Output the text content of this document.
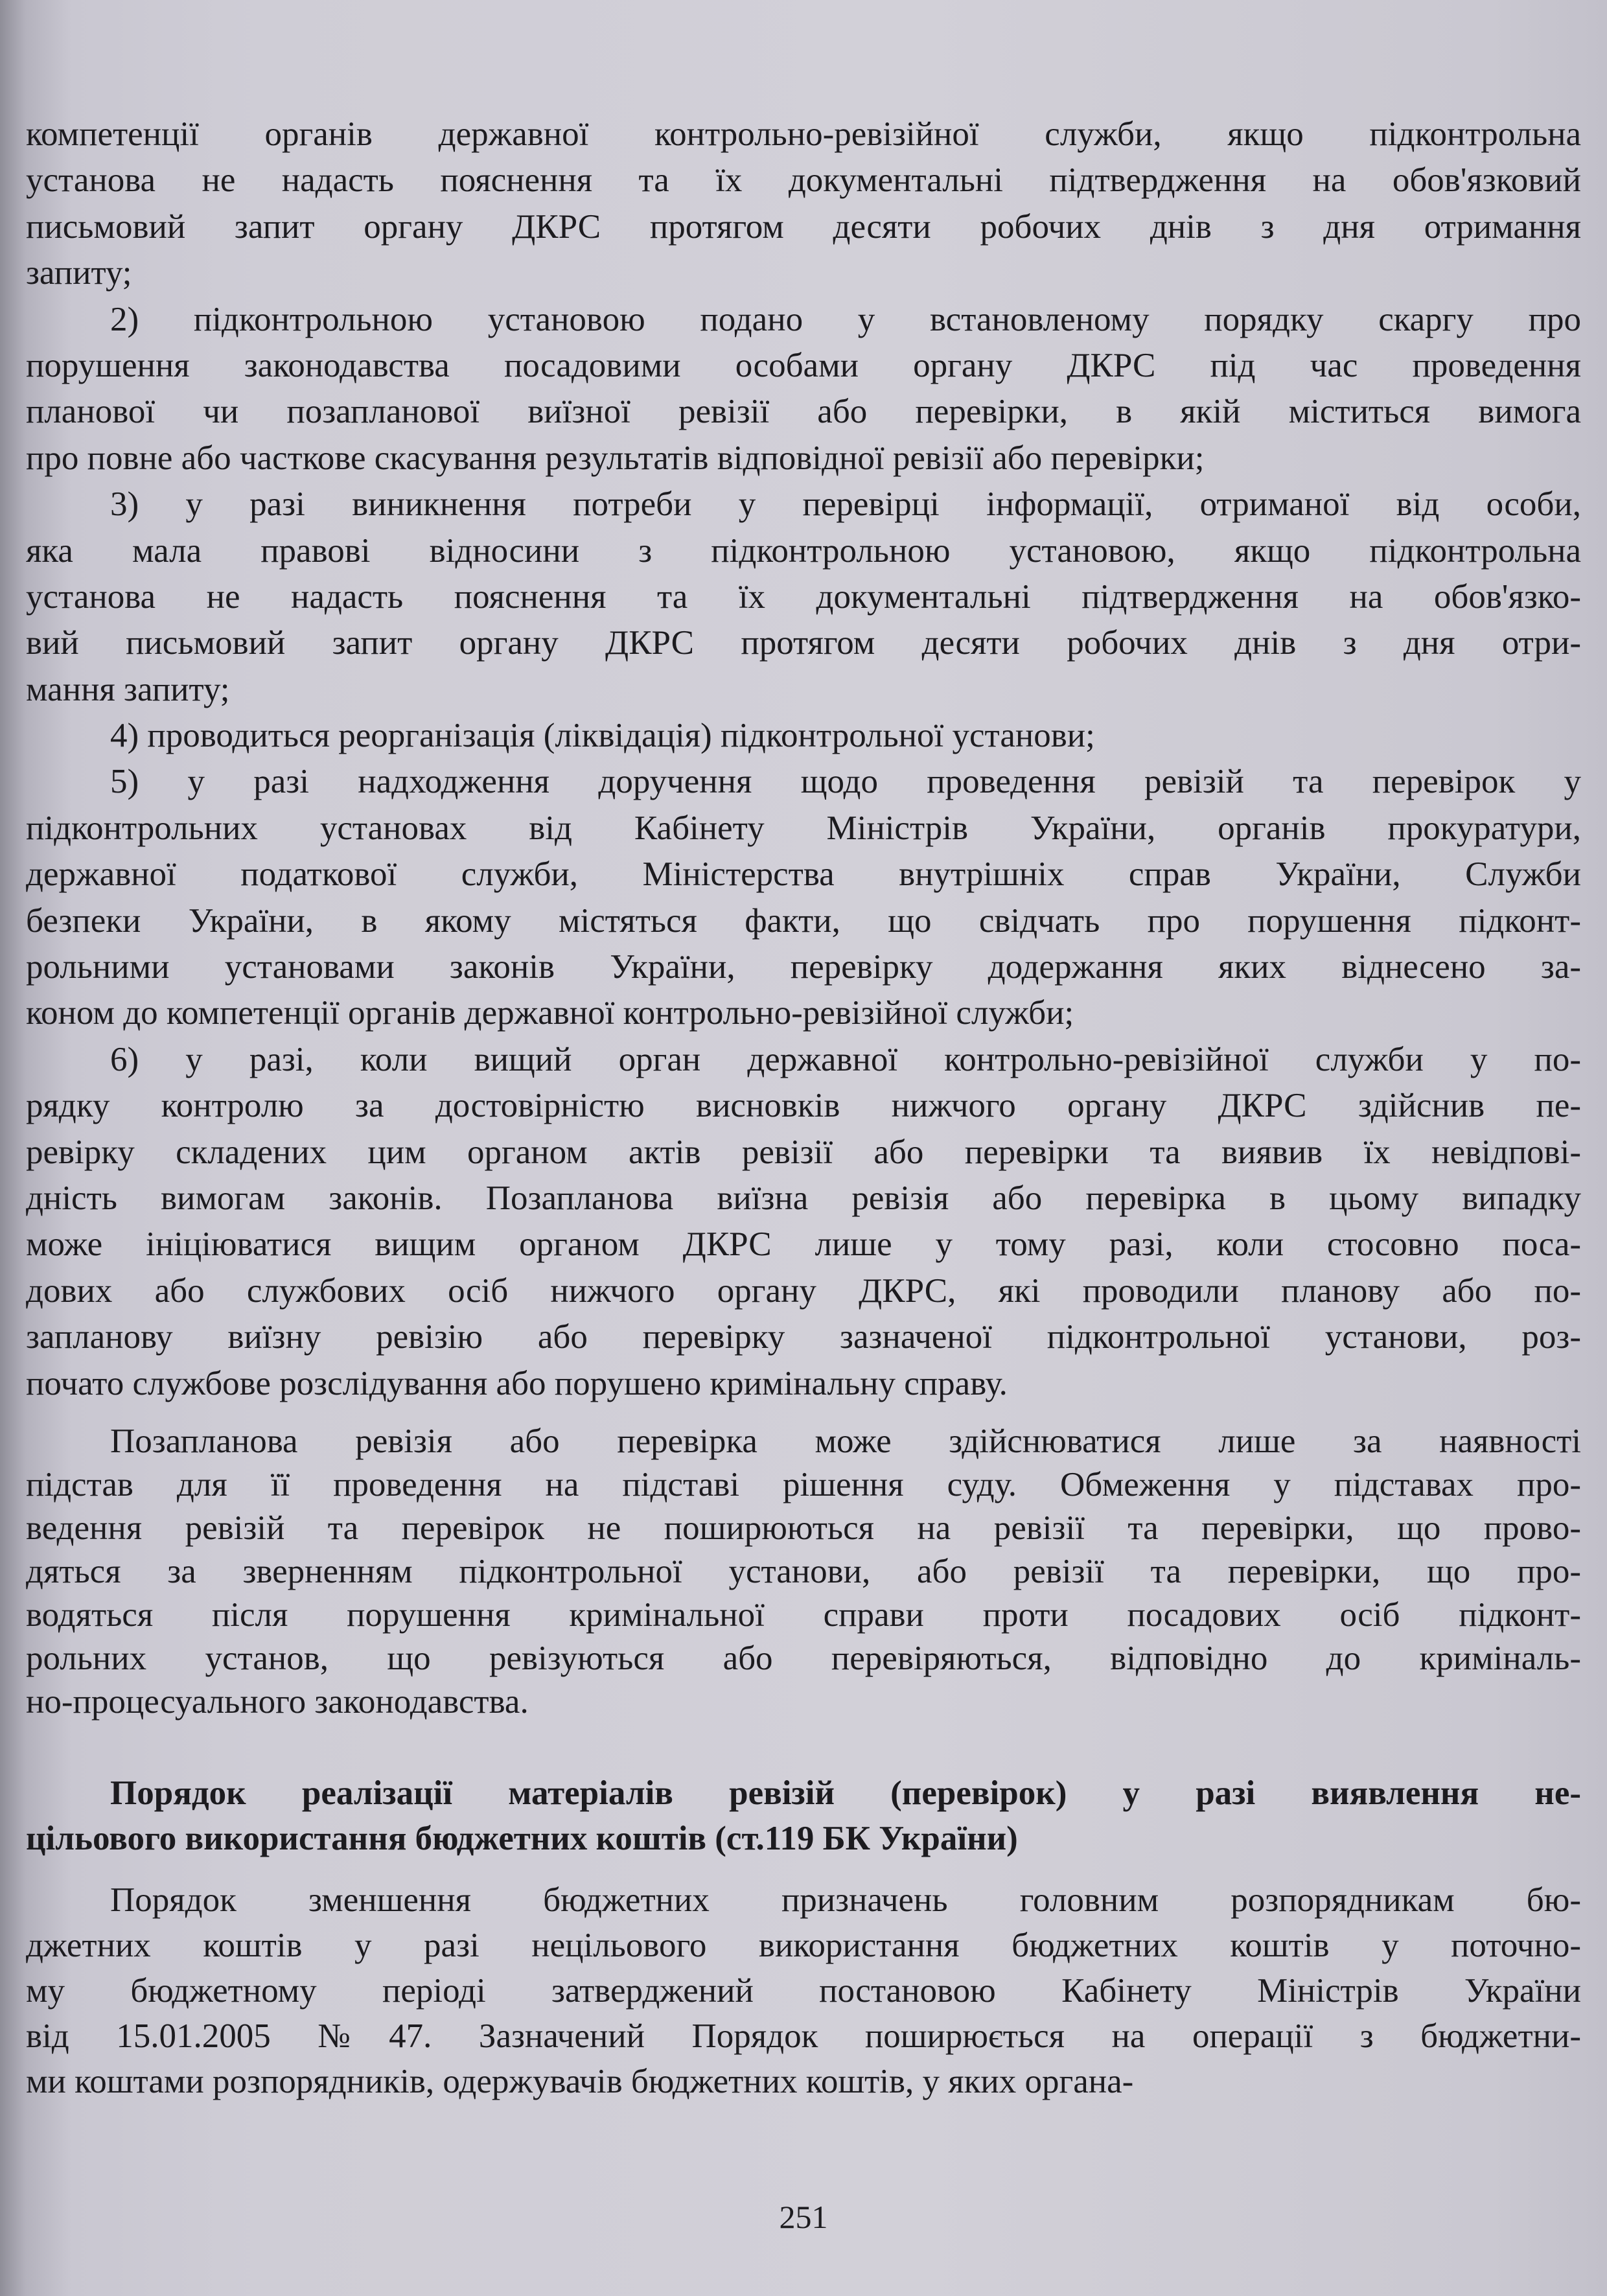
компетенції органів державної контрольно-ревізійної служби, якщо підконтрольна
установа не надасть пояснення та їх документальні підтвердження на обов'язковий
письмовий запит органу ДКРС протягом десяти робочих днів з дня отримання
запиту;
2) підконтрольною установою подано у встановленому порядку скаргу про
порушення законодавства посадовими особами органу ДКРС під час проведення
планової чи позапланової виїзної ревізії або перевірки, в якій міститься вимога
про повне або часткове скасування результатів відповідної ревізії або перевірки;
3) у разі виникнення потреби у перевірці інформації, отриманої від особи,
яка мала правові відносини з підконтрольною установою, якщо підконтрольна
установа не надасть пояснення та їх документальні підтвердження на обов'язко-
вий письмовий запит органу ДКРС протягом десяти робочих днів з дня отри-
мання запиту;
4) проводиться реорганізація (ліквідація) підконтрольної установи;
5) у разі надходження доручення щодо проведення ревізій та перевірок у
підконтрольних установах від Кабінету Міністрів України, органів прокуратури,
державної податкової служби, Міністерства внутрішніх справ України, Служби
безпеки України, в якому містяться факти, що свідчать про порушення підконт-
рольними установами законів України, перевірку додержання яких віднесено за-
коном до компетенції органів державної контрольно-ревізійної служби;
6) у разі, коли вищий орган державної контрольно-ревізійної служби у по-
рядку контролю за достовірністю висновків нижчого органу ДКРС здійснив пе-
ревірку складених цим органом актів ревізії або перевірки та виявив їх невідпові-
дність вимогам законів. Позапланова виїзна ревізія або перевірка в цьому випадку
може ініціюватися вищим органом ДКРС лише у тому разі, коли стосовно поса-
дових або службових осіб нижчого органу ДКРС, які проводили планову або по-
запланову виїзну ревізію або перевірку зазначеної підконтрольної установи, роз-
почато службове розслідування або порушено кримінальну справу.
Позапланова ревізія або перевірка може здійснюватися лише за наявності
підстав для її проведення на підставі рішення суду. Обмеження у підставах про-
ведення ревізій та перевірок не поширюються на ревізії та перевірки, що прово-
дяться за зверненням підконтрольної установи, або ревізії та перевірки, що про-
водяться після порушення кримінальної справи проти посадових осіб підконт-
рольних установ, що ревізуються або перевіряються, відповідно до криміналь-
но-процесуального законодавства.
Порядок реалізації матеріалів ревізій (перевірок) у разі виявлення не-
цільового використання бюджетних коштів (ст.119 БК України)
Порядок зменшення бюджетних призначень головним розпорядникам бю-
джетних коштів у разі нецільового використання бюджетних коштів у поточно-
му бюджетному періоді затверджений постановою Кабінету Міністрів України
від 15.01.2005 №47. Зазначений Порядок поширюється на операції з бюджетни-
ми коштами розпорядників, одержувачів бюджетних коштів, у яких органа-
251
